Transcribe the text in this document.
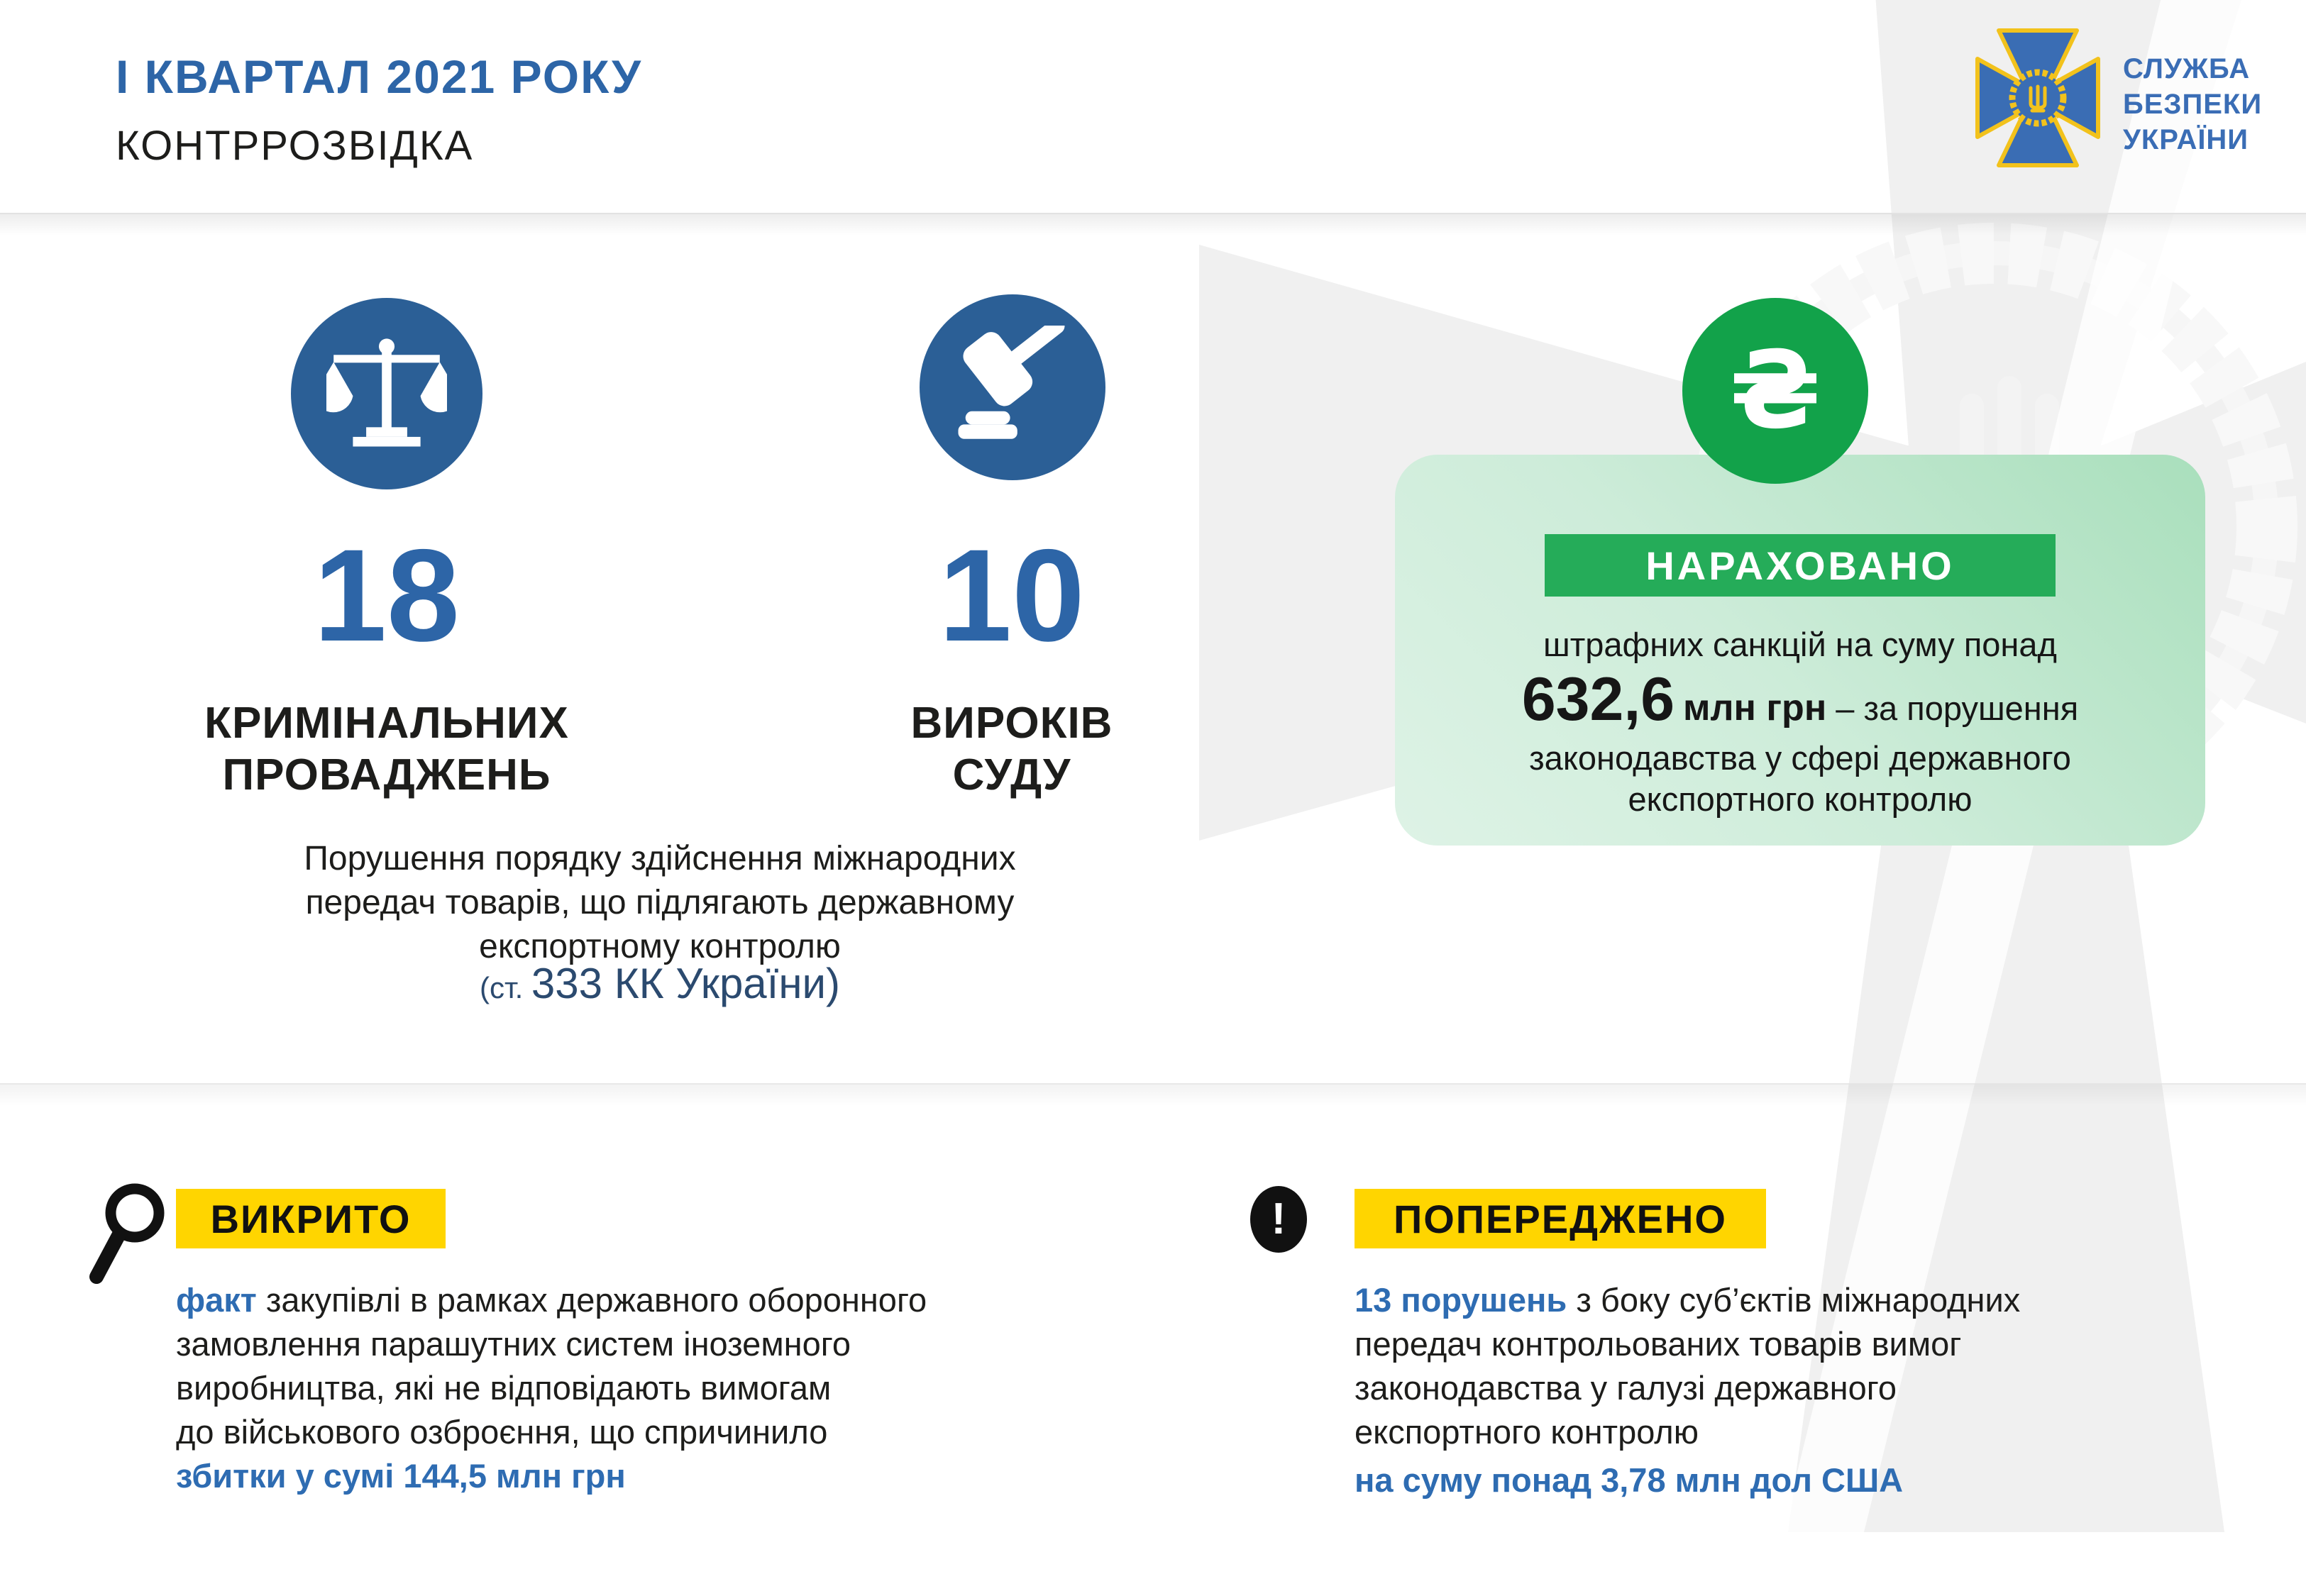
І КВАРТАЛ 2021 РОКУ
КОНТРРОЗВІДКА
СЛУЖБА
БЕЗПЕКИ
УКРАЇНИ
18
КРИМІНАЛЬНИХ
ПРОВАДЖЕНЬ
10
ВИРОКІВ
СУДУ
Порушення порядку здійснення міжнародних
передач товарів, що підлягають державному
експортному контролю
(ст. 333 КК України)
₴
НАРАХОВАНО
штрафних санкцій на суму понад
632,6 млн грн – за порушення
законодавства у сфері державного
експортного контролю
ВИКРИТО
факт закупівлі в рамках державного оборонного
замовлення парашутних систем іноземного
виробництва, які не відповідають вимогам
до військового озброєння, що спричинило
збитки у сумі 144,5 млн грн
!	ПОПЕРЕДЖЕНО
13 порушень з боку суб’єктів міжнародних
передач контрольованих товарів вимог
законодавства у галузі державного
експортного контролю
на суму понад 3,78 млн дол США
